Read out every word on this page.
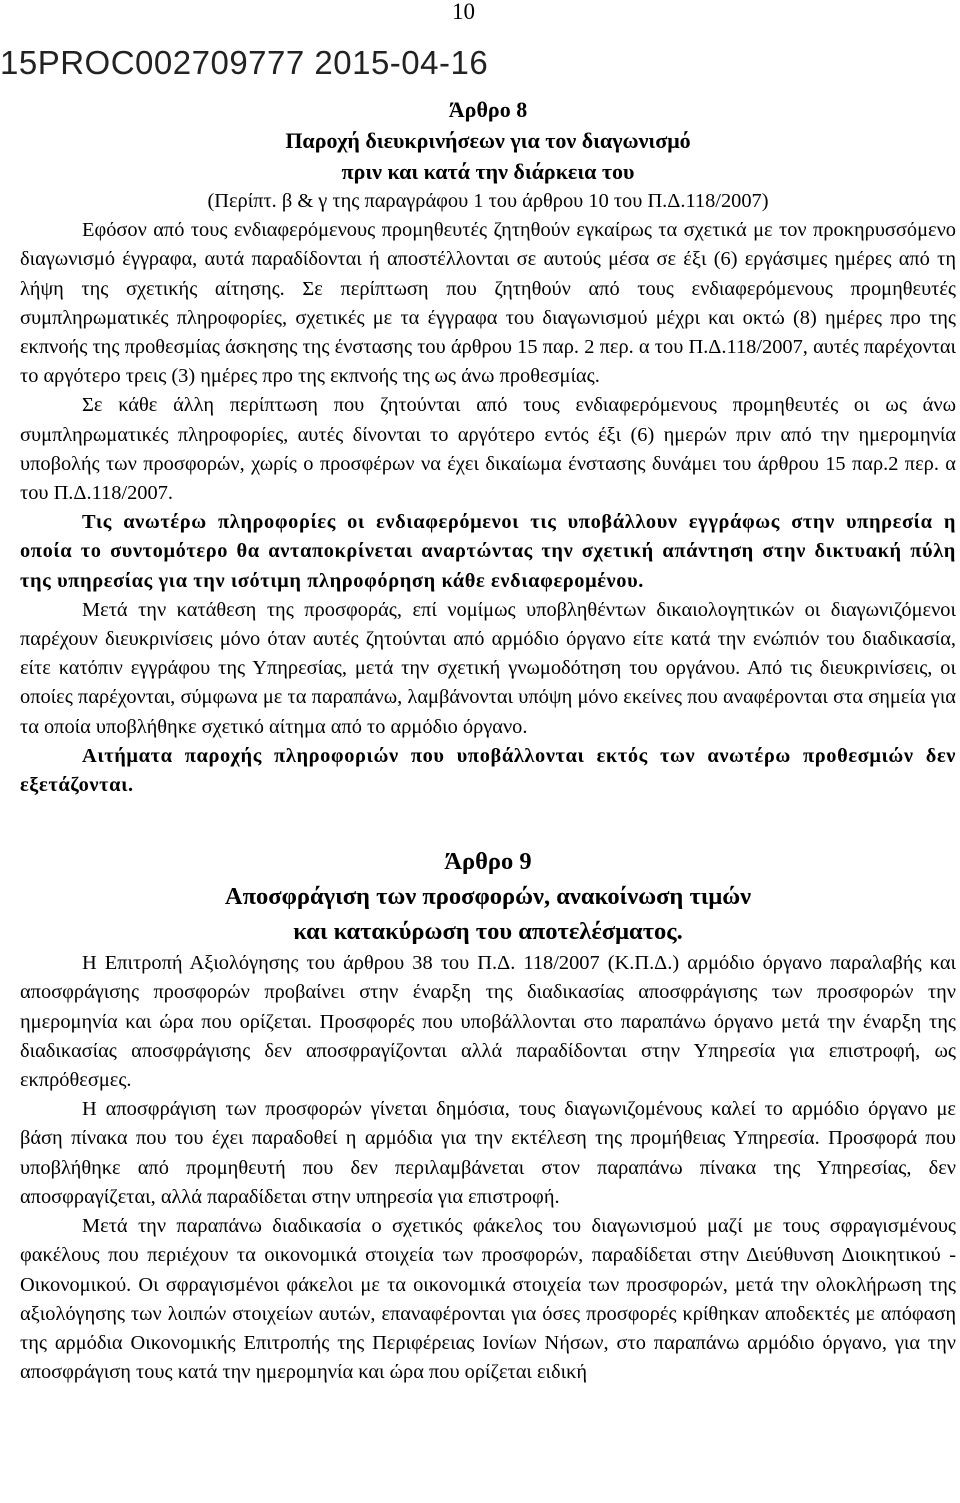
10
15PROC002709777 2015-04-16
Άρθρο 8
Παροχή διευκρινήσεων για τον διαγωνισμό
πριν και κατά την διάρκεια του
(Περίπτ. β & γ της παραγράφου 1 του άρθρου 10 του Π.Δ.118/2007)

Εφόσον από τους ενδιαφερόμενους προμηθευτές ζητηθούν εγκαίρως τα σχετικά με τον προκηρυσσόμενο διαγωνισμό έγγραφα, αυτά παραδίδονται ή αποστέλλονται σε αυτούς μέσα σε έξι (6) εργάσιμες ημέρες από τη λήψη της σχετικής αίτησης. Σε περίπτωση που ζητηθούν από τους ενδιαφερόμενους προμηθευτές συμπληρωματικές πληροφορίες, σχετικές με τα έγγραφα του διαγωνισμού μέχρι και οκτώ (8) ημέρες προ της εκπνοής της προθεσμίας άσκησης της ένστασης του άρθρου 15 παρ. 2 περ. α του Π.Δ.118/2007, αυτές παρέχονται το αργότερο τρεις (3) ημέρες προ της εκπνοής της ως άνω προθεσμίας.

Σε κάθε άλλη περίπτωση που ζητούνται από τους ενδιαφερόμενους προμηθευτές οι ως άνω συμπληρωματικές πληροφορίες, αυτές δίνονται το αργότερο εντός έξι (6) ημερών πριν από την ημερομηνία υποβολής των προσφορών, χωρίς ο προσφέρων να έχει δικαίωμα ένστασης δυνάμει του άρθρου 15 παρ.2 περ. α του Π.Δ.118/2007.

Τις ανωτέρω πληροφορίες οι ενδιαφερόμενοι τις υποβάλλουν εγγράφως στην υπηρεσία η οποία το συντομότερο θα ανταποκρίνεται αναρτώντας την σχετική απάντηση στην δικτυακή πύλη της υπηρεσίας για την ισότιμη πληροφόρηση κάθε ενδιαφερομένου.

Μετά την κατάθεση της προσφοράς, επί νομίμως υποβληθέντων δικαιολογητικών οι διαγωνιζόμενοι παρέχουν διευκρινίσεις μόνο όταν αυτές ζητούνται από αρμόδιο όργανο είτε κατά την ενώπιόν του διαδικασία, είτε κατόπιν εγγράφου της Υπηρεσίας, μετά την σχετική γνωμοδότηση του οργάνου. Από τις διευκρινίσεις, οι οποίες παρέχονται, σύμφωνα με τα παραπάνω, λαμβάνονται υπόψη μόνο εκείνες που αναφέρονται στα σημεία για τα οποία υποβλήθηκε σχετικό αίτημα από το αρμόδιο όργανο.

Αιτήματα παροχής πληροφοριών που υποβάλλονται εκτός των ανωτέρω προθεσμιών δεν εξετάζονται.

Άρθρο 9
Αποσφράγιση των προσφορών, ανακοίνωση τιμών
και κατακύρωση του αποτελέσματος.

Η Επιτροπή Αξιολόγησης του άρθρου 38 του Π.Δ. 118/2007 (Κ.Π.Δ.) αρμόδιο όργανο παραλαβής και αποσφράγισης προσφορών προβαίνει στην έναρξη της διαδικασίας αποσφράγισης των προσφορών την ημερομηνία και ώρα που ορίζεται. Προσφορές που υποβάλλονται στο παραπάνω όργανο μετά την έναρξη της διαδικασίας αποσφράγισης δεν αποσφραγίζονται αλλά παραδίδονται στην Υπηρεσία για επιστροφή, ως εκπρόθεσμες.

Η αποσφράγιση των προσφορών γίνεται δημόσια, τους διαγωνιζομένους καλεί το αρμόδιο όργανο με βάση πίνακα που του έχει παραδοθεί η αρμόδια για την εκτέλεση της προμήθειας Υπηρεσία. Προσφορά που υποβλήθηκε από προμηθευτή που δεν περιλαμβάνεται στον παραπάνω πίνακα της Υπηρεσίας, δεν αποσφραγίζεται, αλλά παραδίδεται στην υπηρεσία για επιστροφή.

Μετά την παραπάνω διαδικασία ο σχετικός φάκελος του διαγωνισμού μαζί με τους σφραγισμένους φακέλους που περιέχουν τα οικονομικά στοιχεία των προσφορών, παραδίδεται στην Διεύθυνση Διοικητικού - Οικονομικού. Οι σφραγισμένοι φάκελοι με τα οικονομικά στοιχεία των προσφορών, μετά την ολοκλήρωση της αξιολόγησης των λοιπών στοιχείων αυτών, επαναφέρονται για όσες προσφορές κρίθηκαν αποδεκτές με απόφαση της αρμόδια Οικονομικής Επιτροπής της Περιφέρειας Ιονίων Νήσων, στο παραπάνω αρμόδιο όργανο, για την αποσφράγιση τους κατά την ημερομηνία και ώρα που ορίζεται ειδική
